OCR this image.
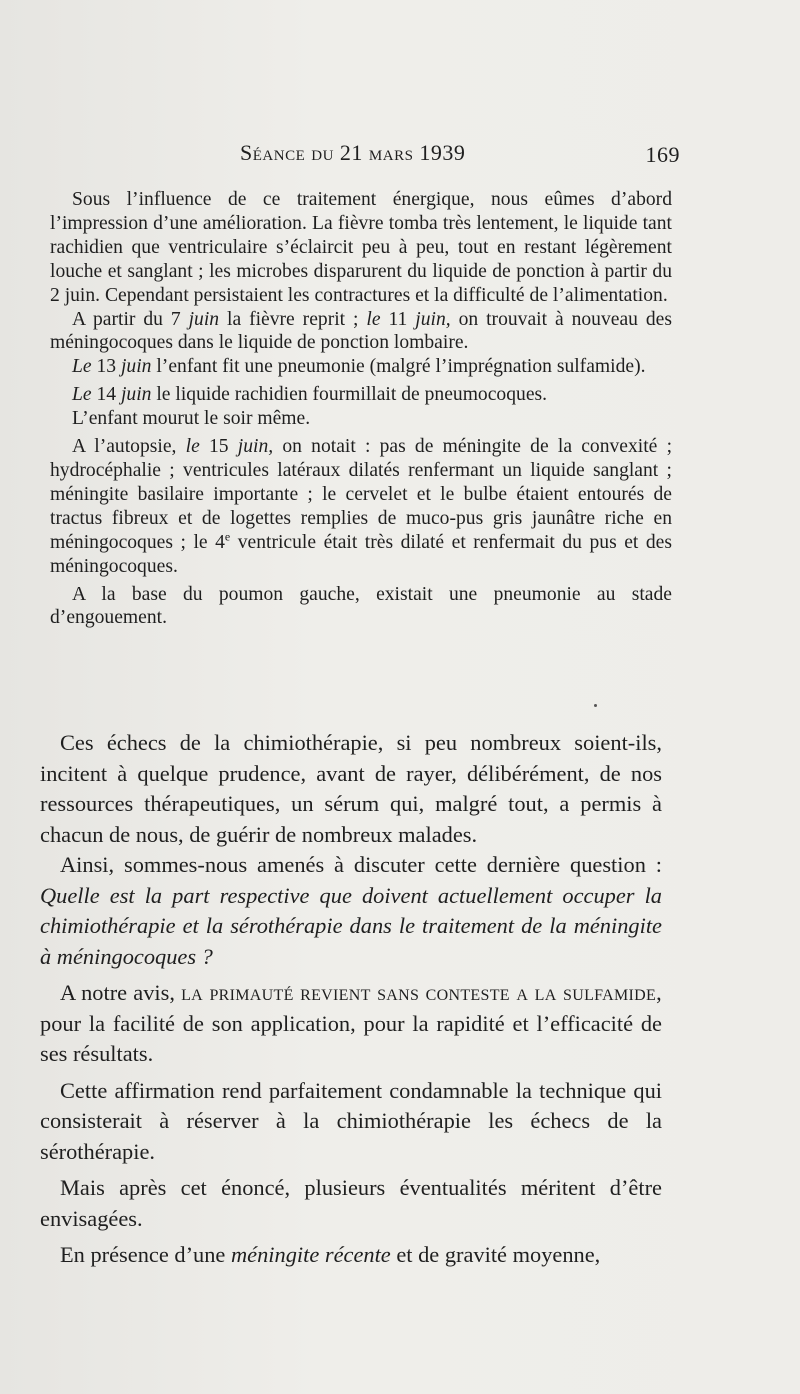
Séance du 21 mars 1939	169

Sous l’influence de ce traitement énergique, nous eûmes d’abord l’impression d’une amélioration. La fièvre tomba très lentement, le liquide tant rachidien que ventriculaire s’éclaircit peu à peu, tout en restant légèrement louche et sanglant ; les microbes disparurent du liquide de ponction à partir du 2 juin. Cependant persistaient les contractures et la difficulté de l’alimentation.

A partir du 7 juin la fièvre reprit ; le 11 juin, on trouvait à nouveau des méningocoques dans le liquide de ponction lombaire.

Le 13 juin l’enfant fit une pneumonie (malgré l’imprégnation sulfamide).

Le 14 juin le liquide rachidien fourmillait de pneumocoques.

L’enfant mourut le soir même.

A l’autopsie, le 15 juin, on notait : pas de méningite de la convexité ; hydrocéphalie ; ventricules latéraux dilatés renfermant un liquide sanglant ; méningite basilaire importante ; le cervelet et le bulbe étaient entourés de tractus fibreux et de logettes remplies de muco-pus gris jaunâtre riche en méningocoques ; le 4e ventricule était très dilaté et renfermait du pus et des méningocoques.

A la base du poumon gauche, existait une pneumonie au stade d’engouement.

Ces échecs de la chimiothérapie, si peu nombreux soient-ils, incitent à quelque prudence, avant de rayer, délibérément, de nos ressources thérapeutiques, un sérum qui, malgré tout, a permis à chacun de nous, de guérir de nombreux malades.

Ainsi, sommes-nous amenés à discuter cette dernière question : Quelle est la part respective que doivent actuellement occuper la chimiothérapie et la sérothérapie dans le traitement de la méningite à méningocoques ?

A notre avis, la primauté revient sans conteste a la sulfamide, pour la facilité de son application, pour la rapidité et l’efficacité de ses résultats.

Cette affirmation rend parfaitement condamnable la technique qui consisterait à réserver à la chimiothérapie les échecs de la sérothérapie.

Mais après cet énoncé, plusieurs éventualités méritent d’être envisagées.

En présence d’une méningite récente et de gravité moyenne,
